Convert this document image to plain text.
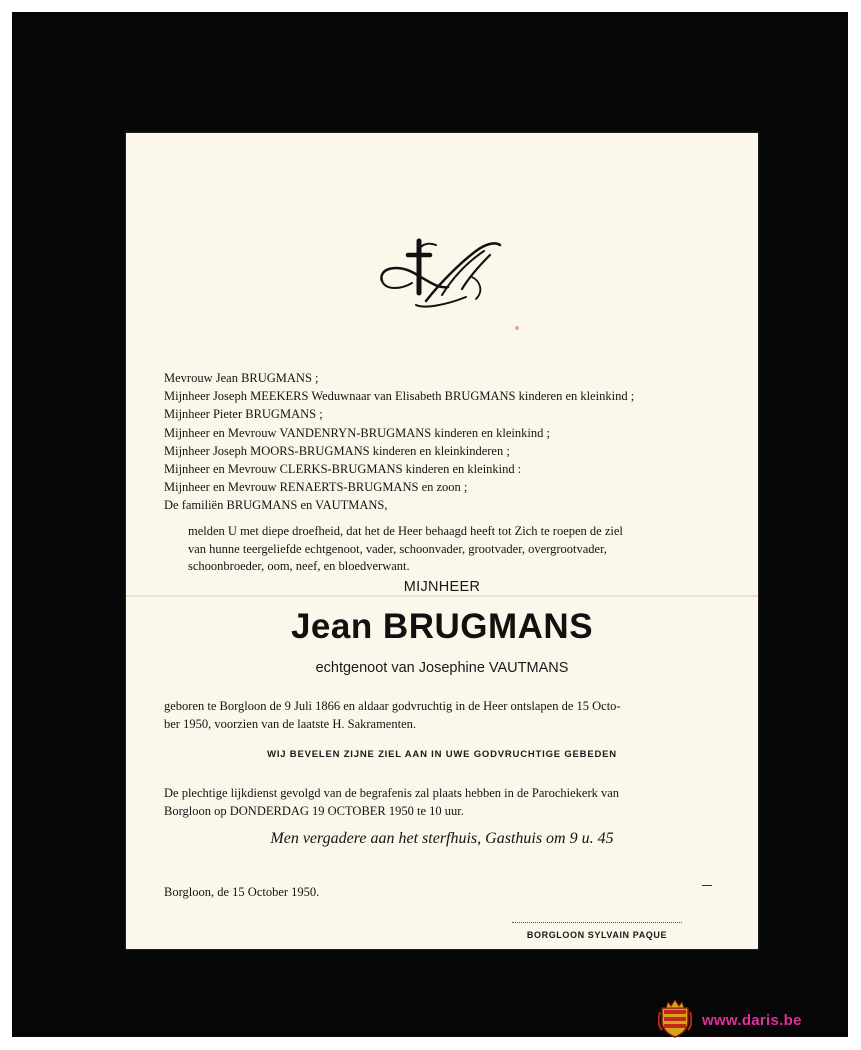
Mevrouw Jean BRUGMANS ;
Mijnheer Joseph MEEKERS Weduwnaar van Elisabeth BRUGMANS kinderen en kleinkind ;
Mijnheer Pieter BRUGMANS ;
Mijnheer en Mevrouw VANDENRYN-BRUGMANS kinderen en kleinkind ;
Mijnheer Joseph MOORS-BRUGMANS kinderen en kleinkinderen ;
Mijnheer en Mevrouw CLERKS-BRUGMANS kinderen en kleinkind :
Mijnheer en Mevrouw RENAERTS-BRUGMANS en zoon ;
De familiën BRUGMANS en VAUTMANS,
melden U met diepe droefheid, dat het de Heer behaagd heeft tot Zich te roepen de ziel
van hunne teergeliefde echtgenoot, vader, schoonvader, grootvader, overgrootvader,
schoonbroeder, oom, neef, en bloedverwant.
MIJNHEER
Jean BRUGMANS
echtgenoot van Josephine VAUTMANS
geboren te Borgloon de 9 Juli 1866 en aldaar godvruchtig in de Heer ontslapen de 15 Octo-
ber 1950, voorzien van de laatste H. Sakramenten.
WIJ BEVELEN ZIJNE ZIEL AAN IN UWE GODVRUCHTIGE GEBEDEN
De plechtige lijkdienst gevolgd van de begrafenis zal plaats hebben in de Parochiekerk van
Borgloon op DONDERDAG 19 OCTOBER 1950 te 10 uur.
Men vergadere aan het sterfhuis, Gasthuis om 9 u. 45
Borgloon, de 15 October 1950.
BORGLOON SYLVAIN PAQUE
www.daris.be
